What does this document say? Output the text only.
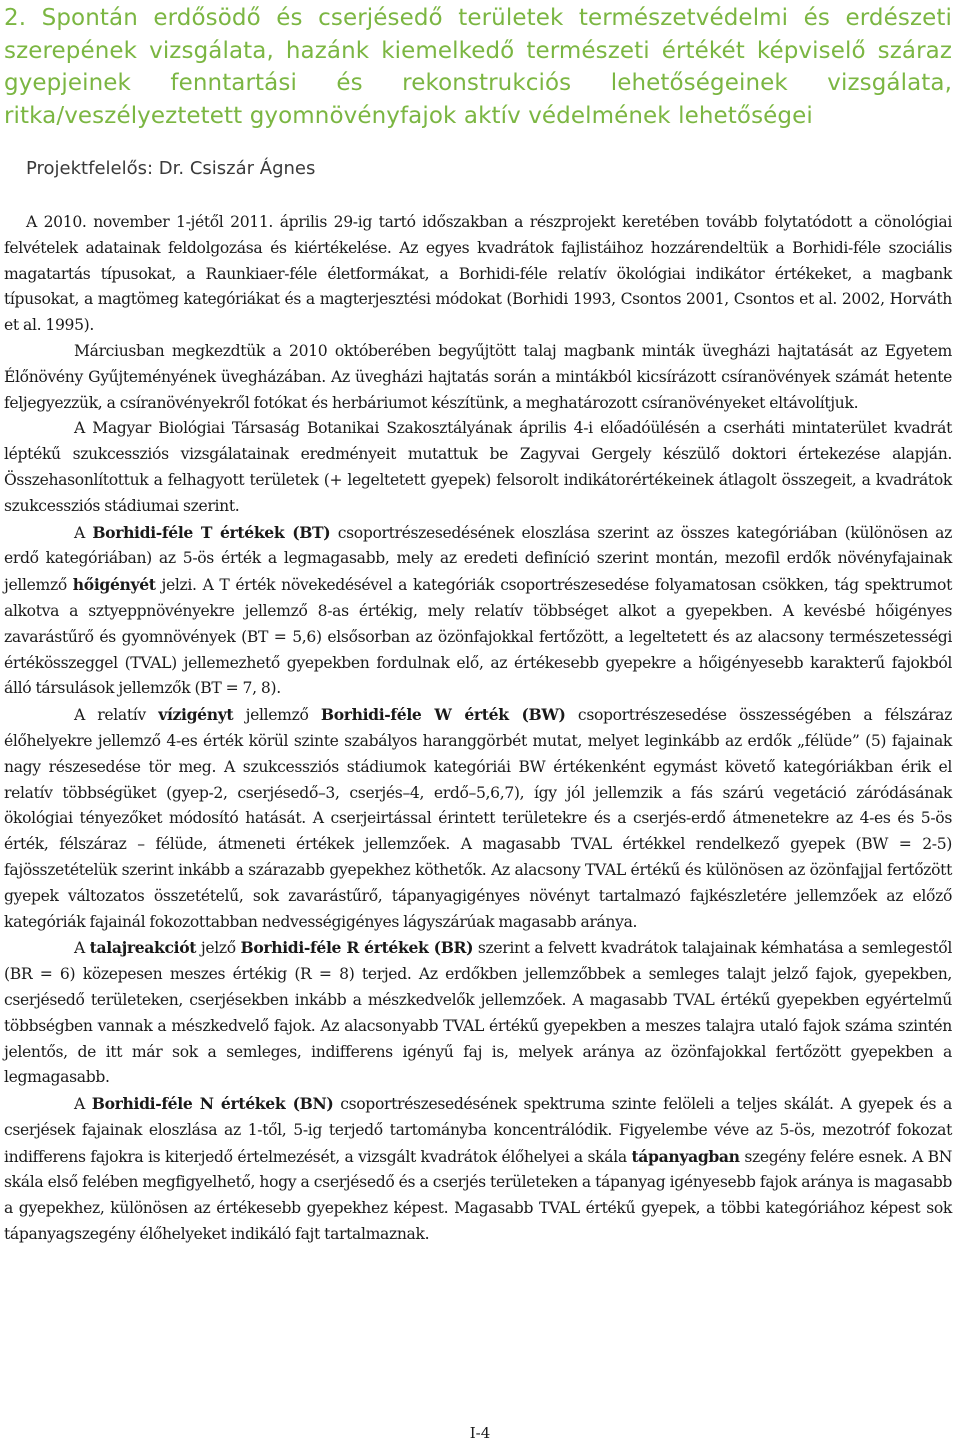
2. Spontán erdősödő és cserjésedő területek természetvédelmi és erdészeti szerepének vizsgálata, hazánk kiemelkedő természeti értékét képviselő száraz gyepjeinek fenntartási és rekonstrukciós lehetőségeinek vizsgálata, ritka/veszélyeztetett gyomnövényfajok aktív védelmének lehetőségei
Projektfelelős: Dr. Csiszár Ágnes

A 2010. november 1-jétől 2011. április 29-ig tartó időszakban a részprojekt keretében tovább folytatódott a cönológiai felvételek adatainak feldolgozása és kiértékelése. Az egyes kvadrátok fajlistáihoz hozzárendeltük a Borhidi-féle szociális magatartás típusokat, a Raunkiaer-féle életformákat, a Borhidi-féle relatív ökológiai indikátor értékeket, a magbank típusokat, a magtömeg kategóriákat és a magterjesztési módokat (Borhidi 1993, Csontos 2001, Csontos et al. 2002, Horváth et al. 1995).

Márciusban megkezdtük a 2010 októberében begyűjtött talaj magbank minták üvegházi hajtatását az Egyetem Élőnövény Gyűjteményének üvegházában. Az üvegházi hajtatás során a mintákból kicsírázott csíranövények számát hetente feljegyezzük, a csíranövényekről fotókat és herbáriumot készítünk, a meghatározott csíranövényeket eltávolítjuk.

A Magyar Biológiai Társaság Botanikai Szakosztályának április 4-i előadóülésén a cserháti mintaterület kvadrát léptékű szukcessziós vizsgálatainak eredményeit mutattuk be Zagyvai Gergely készülő doktori értekezése alapján. Összehasonlítottuk a felhagyott területek (+ legeltetett gyepek) felsorolt indikátorértékeinek átlagolt összegeit, a kvadrátok szukcessziós stádiumai szerint.

A Borhidi-féle T értékek (BT) csoportrészesedésének eloszlása szerint az összes kategóriában (különösen az erdő kategóriában) az 5-ös érték a legmagasabb, mely az eredeti definíció szerint montán, mezofil erdők növényfajainak jellemző hőigényét jelzi. A T érték növekedésével a kategóriák csoportrészesedése folyamatosan csökken, tág spektrumot alkotva a sztyeppnövényekre jellemző 8-as értékig, mely relatív többséget alkot a gyepekben. A kevésbé hőigényes zavarástűrő és gyomnövények (BT = 5,6) elsősorban az özönfajokkal fertőzött, a legeltetett és az alacsony természetességi értékösszeggel (TVAL) jellemezhető gyepekben fordulnak elő, az értékesebb gyepekre a hőigényesebb karakterű fajokból álló társulások jellemzők (BT = 7, 8).

A relatív vízigényt jellemző Borhidi-féle W érték (BW) csoportrészesedése összességében a félszáraz élőhelyekre jellemző 4-es érték körül szinte szabályos haranggörbét mutat, melyet leginkább az erdők „félüde” (5) fajainak nagy részesedése tör meg. A szukcessziós stádiumok kategóriái BW értékenként egymást követő kategóriákban érik el relatív többségüket (gyep-2, cserjésedő–3, cserjés–4, erdő–5,6,7), így jól jellemzik a fás szárú vegetáció záródásának ökológiai tényezőket módosító hatását. A cserjeirtással érintett területekre és a cserjés-erdő átmenetekre az 4-es és 5-ös érték, félszáraz – félüde, átmeneti értékek jellemzőek. A magasabb TVAL értékkel rendelkező gyepek (BW = 2-5) fajösszetételük szerint inkább a szárazabb gyepekhez köthetők. Az alacsony TVAL értékű és különösen az özönfajjal fertőzött gyepek változatos összetételű, sok zavarástűrő, tápanyagigényes növényt tartalmazó fajkészletére jellemzőek az előző kategóriák fajainál fokozottabban nedvességigényes lágyszárúak magasabb aránya.

A talajreakciót jelző Borhidi-féle R értékek (BR) szerint a felvett kvadrátok talajainak kémhatása a semlegestől (BR = 6) közepesen meszes értékig (R = 8) terjed. Az erdőkben jellemzőbbek a semleges talajt jelző fajok, gyepekben, cserjésedő területeken, cserjésekben inkább a mészkedvelők jellemzőek. A magasabb TVAL értékű gyepekben egyértelmű többségben vannak a mészkedvelő fajok. Az alacsonyabb TVAL értékű gyepekben a meszes talajra utaló fajok száma szintén jelentős, de itt már sok a semleges, indifferens igényű faj is, melyek aránya az özönfajokkal fertőzött gyepekben a legmagasabb.

A Borhidi-féle N értékek (BN) csoportrészesedésének spektruma szinte felöleli a teljes skálát. A gyepek és a cserjések fajainak eloszlása az 1-től, 5-ig terjedő tartományba koncentrálódik. Figyelembe véve az 5-ös, mezotróf fokozat indifferens fajokra is kiterjedő értelmezését, a vizsgált kvadrátok élőhelyei a skála tápanyagban szegény felére esnek. A BN skála első felében megfigyelhető, hogy a cserjésedő és a cserjés területeken a tápanyag igényesebb fajok aránya is magasabb a gyepekhez, különösen az értékesebb gyepekhez képest. Magasabb TVAL értékű gyepek, a többi kategóriához képest sok tápanyagszegény élőhelyeket indikáló fajt tartalmaznak.

I-4
